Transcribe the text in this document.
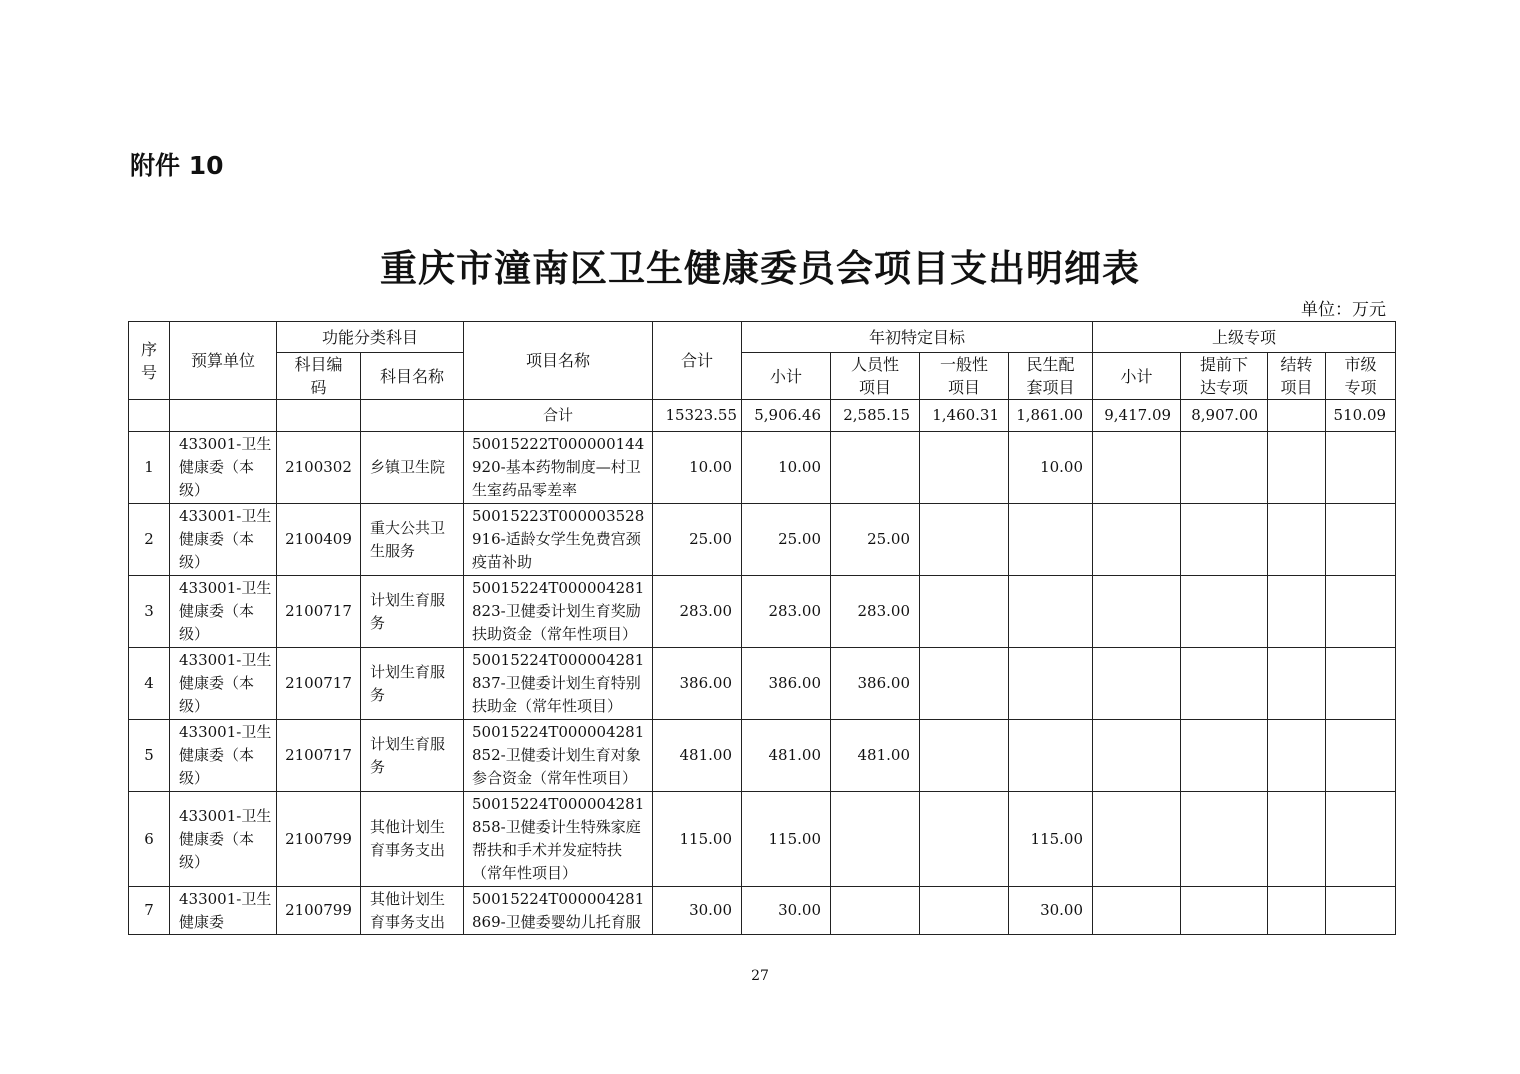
附件 10
重庆市潼南区卫生健康委员会项目支出明细表
单位：万元
序号	预算单位	功能分类科目		项目名称	合计	年初特定目标				上级专项			
		科目编码	科目名称			小计	人员性项目	一般性项目	民生配套项目	小计	提前下达专项	结转项目	市级专项
				合计	15323.55	5,906.46	2,585.15	1,460.31	1,861.00	9,417.09	8,907.00		510.09
1	433001-卫生健康委（本级）	2100302	乡镇卫生院	50015222T000000144920-基本药物制度—村卫生室药品零差率	10.00	10.00			10.00				
2	433001-卫生健康委（本级）	2100409	重大公共卫生服务	50015223T000003528916-适龄女学生免费宫颈疫苗补助	25.00	25.00	25.00						
3	433001-卫生健康委（本级）	2100717	计划生育服务	50015224T000004281823-卫健委计划生育奖励扶助资金（常年性项目）	283.00	283.00	283.00						
4	433001-卫生健康委（本级）	2100717	计划生育服务	50015224T000004281837-卫健委计划生育特别扶助金（常年性项目）	386.00	386.00	386.00						
5	433001-卫生健康委（本级）	2100717	计划生育服务	50015224T000004281852-卫健委计划生育对象参合资金（常年性项目）	481.00	481.00	481.00						
6	433001-卫生健康委（本级）	2100799	其他计划生育事务支出	50015224T000004281858-卫健委计生特殊家庭帮扶和手术并发症特扶（常年性项目）	115.00	115.00			115.00				
7	433001-卫生健康委	2100799	其他计划生育事务支出	50015224T000004281869-卫健委婴幼儿托育服	30.00	30.00			30.00				
27
